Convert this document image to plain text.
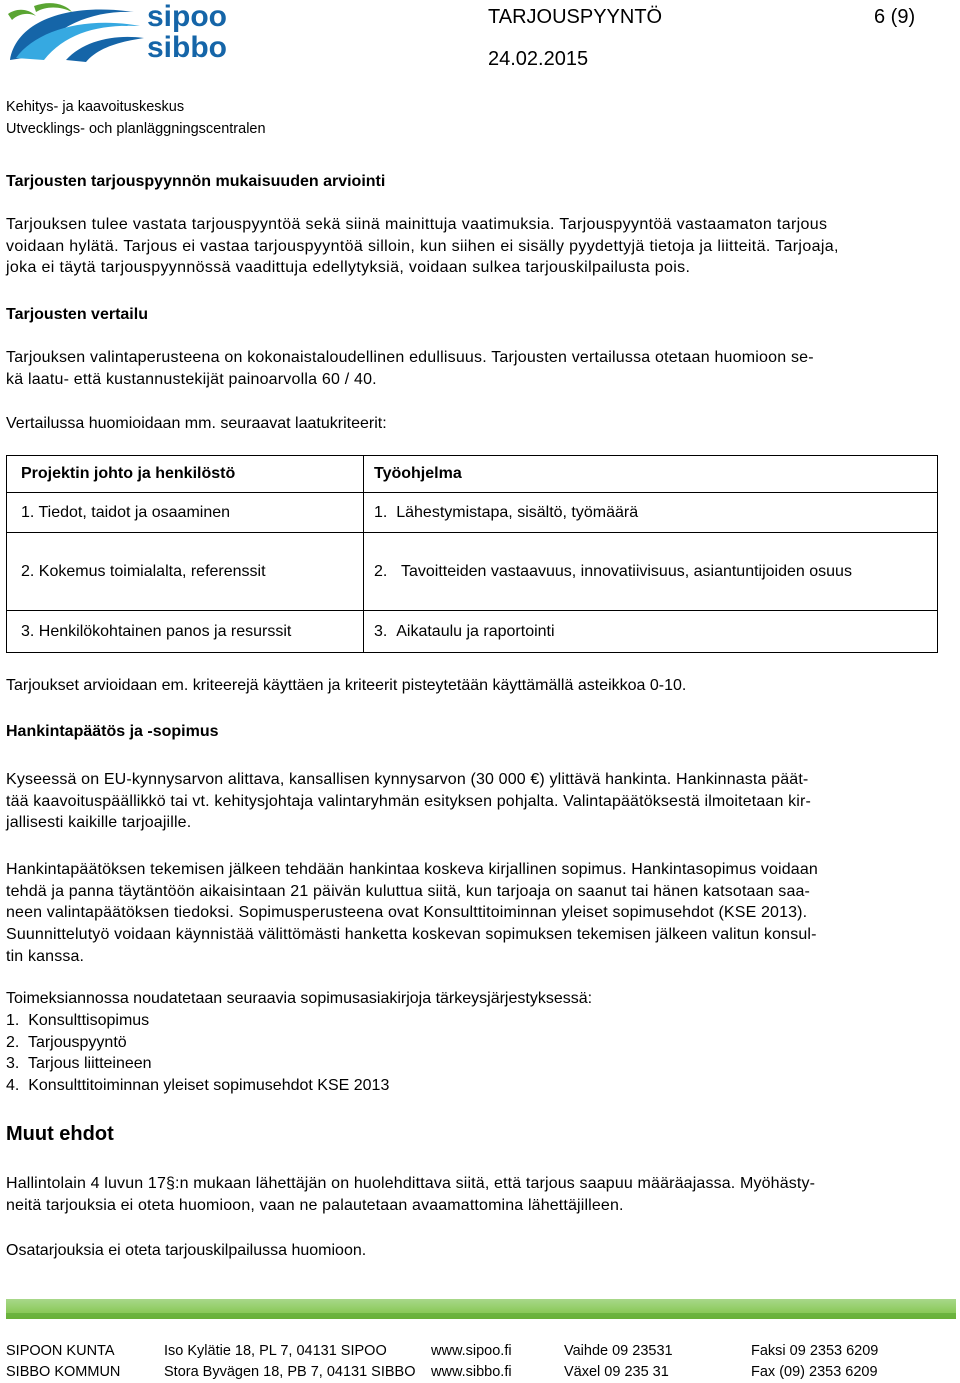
sipoo
sibbo
TARJOUSPYYNTÖ	6 (9)
24.02.2015
Kehitys- ja kaavoituskeskus
Utvecklings- och planläggningscentralen
Tarjousten tarjouspyynnön mukaisuuden arviointi
Tarjouksen tulee vastata tarjouspyyntöä sekä siinä mainittuja vaatimuksia. Tarjouspyyntöä vastaamaton tarjous
voidaan hylätä. Tarjous ei vastaa tarjouspyyntöä silloin, kun siihen ei sisälly pyydettyjä tietoja ja liitteitä. Tarjoaja,
joka ei täytä tarjouspyynnössä vaadittuja edellytyksiä, voidaan sulkea tarjouskilpailusta pois.
Tarjousten vertailu
Tarjouksen valintaperusteena on kokonaistaloudellinen edullisuus. Tarjousten vertailussa otetaan huomioon se-
kä laatu- että kustannustekijät painoarvolla 60 / 40.
Vertailussa huomioidaan mm. seuraavat laatukriteerit:
Projektin johto ja henkilöstö	Työohjelma
1. Tiedot, taidot ja osaaminen	1. Lähestymistapa, sisältö, työmäärä
2. Kokemus toimialalta, referenssit	2. Tavoitteiden vastaavuus, innovatiivisuus, asiantuntijoiden osuus

3. Henkilökohtainen panos ja resurssit	3. Aikataulu ja raportointi
Tarjoukset arvioidaan em. kriteerejä käyttäen ja kriteerit pisteytetään käyttämällä asteikkoa 0-10.
Hankintapäätös ja -sopimus
Kyseessä on EU-kynnysarvon alittava, kansallisen kynnysarvon (30 000 €) ylittävä hankinta. Hankinnasta päät-
tää kaavoituspäällikkö tai vt. kehitysjohtaja valintaryhmän esityksen pohjalta. Valintapäätöksestä ilmoitetaan kir-
jallisesti kaikille tarjoajille.
Hankintapäätöksen tekemisen jälkeen tehdään hankintaa koskeva kirjallinen sopimus. Hankintasopimus voidaan
tehdä ja panna täytäntöön aikaisintaan 21 päivän kuluttua siitä, kun tarjoaja on saanut tai hänen katsotaan saa-
neen valintapäätöksen tiedoksi. Sopimusperusteena ovat Konsulttitoiminnan yleiset sopimusehdot (KSE 2013).
Suunnittelutyö voidaan käynnistää välittömästi hanketta koskevan sopimuksen tekemisen jälkeen valitun konsul-
tin kanssa.
Toimeksiannossa noudatetaan seuraavia sopimusasiakirjoja tärkeysjärjestyksessä:
1.  Konsulttisopimus
2.  Tarjouspyyntö
3.  Tarjous liitteineen
4.  Konsulttitoiminnan yleiset sopimusehdot KSE 2013
Muut ehdot
Hallintolain 4 luvun 17§:n mukaan lähettäjän on huolehdittava siitä, että tarjous saapuu määräajassa. Myöhästy-
neitä tarjouksia ei oteta huomioon, vaan ne palautetaan avaamattomina lähettäjilleen.
Osatarjouksia ei oteta tarjouskilpailussa huomioon.
SIPOON KUNTA	Iso Kylätie 18, PL 7, 04131 SIPOO	www.sipoo.fi	Vaihde 09 23531	Faksi 09 2353 6209
SIBBO KOMMUN	Stora Byvägen 18, PB 7, 04131 SIBBO www.sibbo.fi	Växel 09 235 31	Fax (09) 2353 6209
